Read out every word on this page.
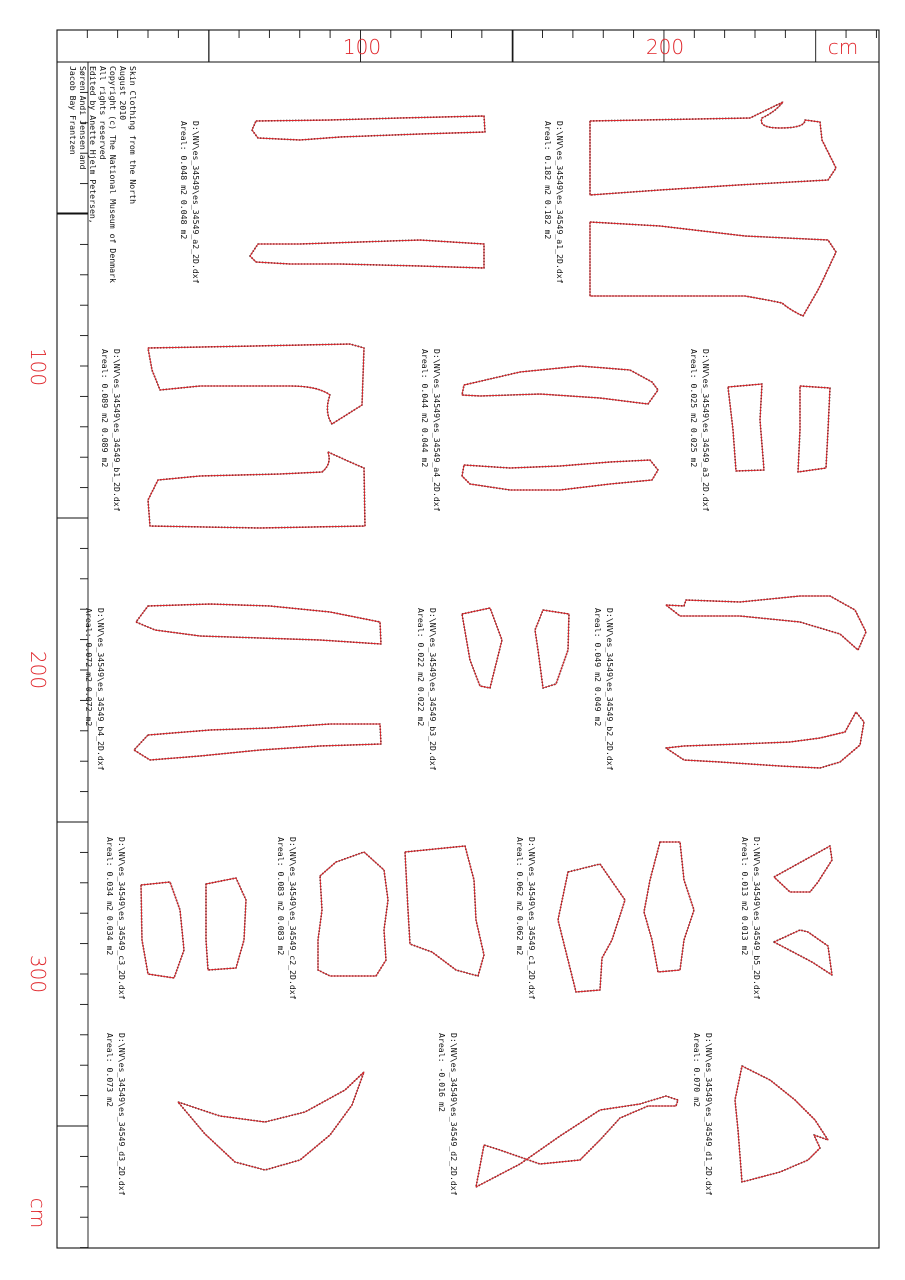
100	200	cm
100
200
300
cm
Skin Clothing from the North
August 2010
Copyright (c) The National Museum of Denmark
All rights reserved
Edited by Anette Hjelm Petersen,
Søren Andi Jensen and
Jacob Bay Frantzen
D:\NV\es_34549\es_34549_a1_2D.dxf
Areal: 0.182 m2 0.182 m2
D:\NV\es_34549\es_34549_a2_2D.dxf
Areal: 0.048 m2 0.048 m2
D:\NV\es_34549\es_34549_a3_2D.dxf
Areal: 0.025 m2 0.025 m2
D:\NV\es_34549\es_34549_a4_2D.dxf
Areal: 0.044 m2 0.044 m2
D:\NV\es_34549\es_34549_b1_2D.dxf
Areal: 0.089 m2 0.089 m2
D:\NV\es_34549\es_34549_b2_2D.dxf
Areal: 0.049 m2 0.049 m2
D:\NV\es_34549\es_34549_b3_2D.dxf
Areal: 0.022 m2 0.022 m2
D:\NV\es_34549\es_34549_b4_2D.dxf
Areal: 0.072 m2 0.072 m2
D:\NV\es_34549\es_34549_b5_2D.dxf
Areal: 0.013 m2 0.013 m2
D:\NV\es_34549\es_34549_c1_2D.dxf
Areal: 0.062 m2 0.062 m2
D:\NV\es_34549\es_34549_c2_2D.dxf
Areal: 0.083 m2 0.083 m2
D:\NV\es_34549\es_34549_c3_2D.dxf
Areal: 0.034 m2 0.034 m2
D:\NV\es_34549\es_34549_d1_2D.dxf
Areal: 0.070 m2
D:\NV\es_34549\es_34549_d2_2D.dxf
Areal: -0.016 m2
D:\NV\es_34549\es_34549_d3_2D.dxf
Areal: 0.073 m2
